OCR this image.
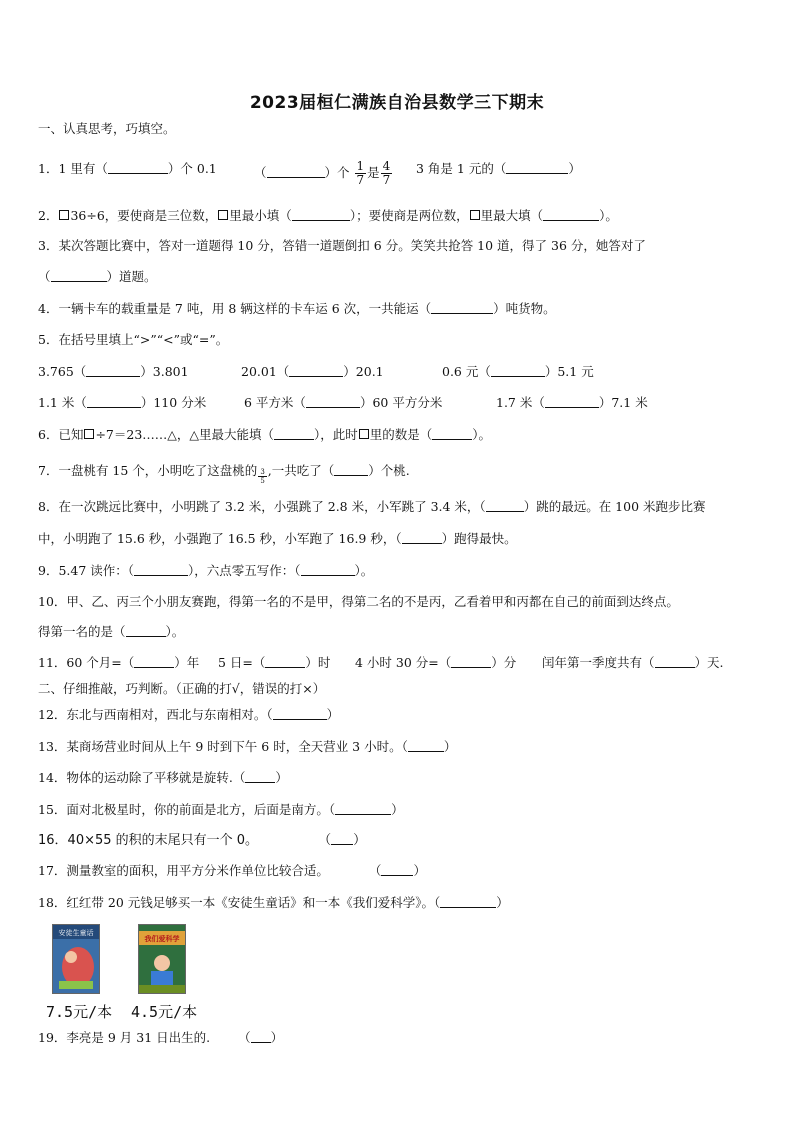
2023届桓仁满族自治县数学三下期末
一、认真思考，巧填空。
1．1 里有（	）个 0.1	（	）个 $\frac{1}{7}$ 是 $\frac{4}{7} 3$ 角是 1 元的（	）
2． 36÷6，要使商是三位数， 里最小填（	）；要使商是两位数， 里最大填（	）。
3．某次答题比赛中，答对一道题得 10 分，答错一道题倒扣 6 分。笑笑共抢答 10 道，得了 36 分，她答对了
（	）道题。
4．一辆卡车的载重量是 7 吨，用 8 辆这样的卡车运 6 次，一共能运（	）吨货物。
5．在括号里填上“>”“<”或“=”。
3.765（	）3.801	20.01（	）20.1	0.6 元（	）5.1 元
1.1 米（	）110 分米	6 平方米（	）60 平方分米	1.7 米（	）7.1 米
6．已知 ÷7＝23……△，△里最大能填（	），此时 里的数是（	）。
7．一盘桃有 15 个，小明吃了这盘桃的 $\frac{3}{5}$ ,一共吃了（	）个桃.
8．在一次跳远比赛中，小明跳了 3.2 米，小强跳了 2.8 米，小军跳了 3.4 米，（	）跳的最远。在 100 米跑步比赛
中，小明跑了 15.6 秒，小强跑了 16.5 秒，小军跑了 16.9 秒，（	）跑得最快。
9．5.47 读作：（	），六点零五写作：（	）。
10．甲、乙、丙三个小朋友赛跑，得第一名的不是甲，得第二名的不是丙，乙看着甲和丙都在自己的前面到达终点。
得第一名的是（	）。
11．60 个月=（	）年 5 日=（	）时 4 小时 30 分=（	）分 闰年第一季度共有（	）天.
二、仔细推敲，巧判断。（正确的打√，错误的打×）
12．东北与西南相对，西北与东南相对。（	）
13．某商场营业时间从上午 9 时到下午 6 时，全天营业 3 小时。（	）
14．物体的运动除了平移就是旋转.（ ）
15．面对北极星时，你的前面是北方，后面是南方。（	）
16．40×55 的积的末尾只有一个 0。	（ ）
17．测量教室的面积，用平方分米作单位比较合适。	（	）
18．红红带 20 元钱足够买一本《安徒生童话》和一本《我们爱科学》。（	）
安徒生童话
我们爱科学
7.5元/本 4.5元/本
19．李亮是 9 月 31 日出生的. （ ）
